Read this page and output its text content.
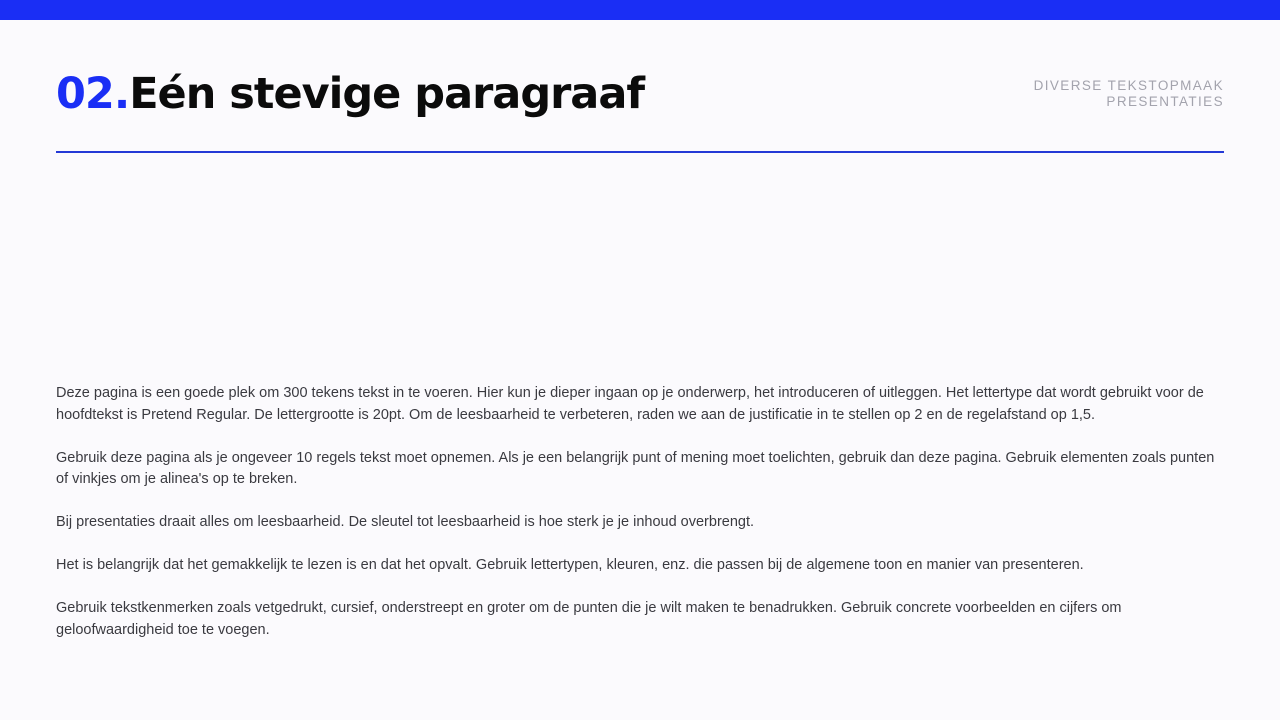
02.Eén stevige paragraaf	DIVERSE TEKSTOPMAAK
PRESENTATIES

Deze pagina is een goede plek om 300 tekens tekst in te voeren. Hier kun je dieper ingaan op je onderwerp, het introduceren of uitleggen. Het lettertype dat wordt gebruikt voor de hoofdtekst is Pretend Regular. De lettergrootte is 20pt. Om de leesbaarheid te verbeteren, raden we aan de justificatie in te stellen op 2 en de regelafstand op 1,5.

Gebruik deze pagina als je ongeveer 10 regels tekst moet opnemen. Als je een belangrijk punt of mening moet toelichten, gebruik dan deze pagina. Gebruik elementen zoals punten of vinkjes om je alinea's op te breken.

Bij presentaties draait alles om leesbaarheid. De sleutel tot leesbaarheid is hoe sterk je je inhoud overbrengt.

Het is belangrijk dat het gemakkelijk te lezen is en dat het opvalt. Gebruik lettertypen, kleuren, enz. die passen bij de algemene toon en manier van presenteren.

Gebruik tekstkenmerken zoals vetgedrukt, cursief, onderstreept en groter om de punten die je wilt maken te benadrukken. Gebruik concrete voorbeelden en cijfers om geloofwaardigheid toe te voegen.
